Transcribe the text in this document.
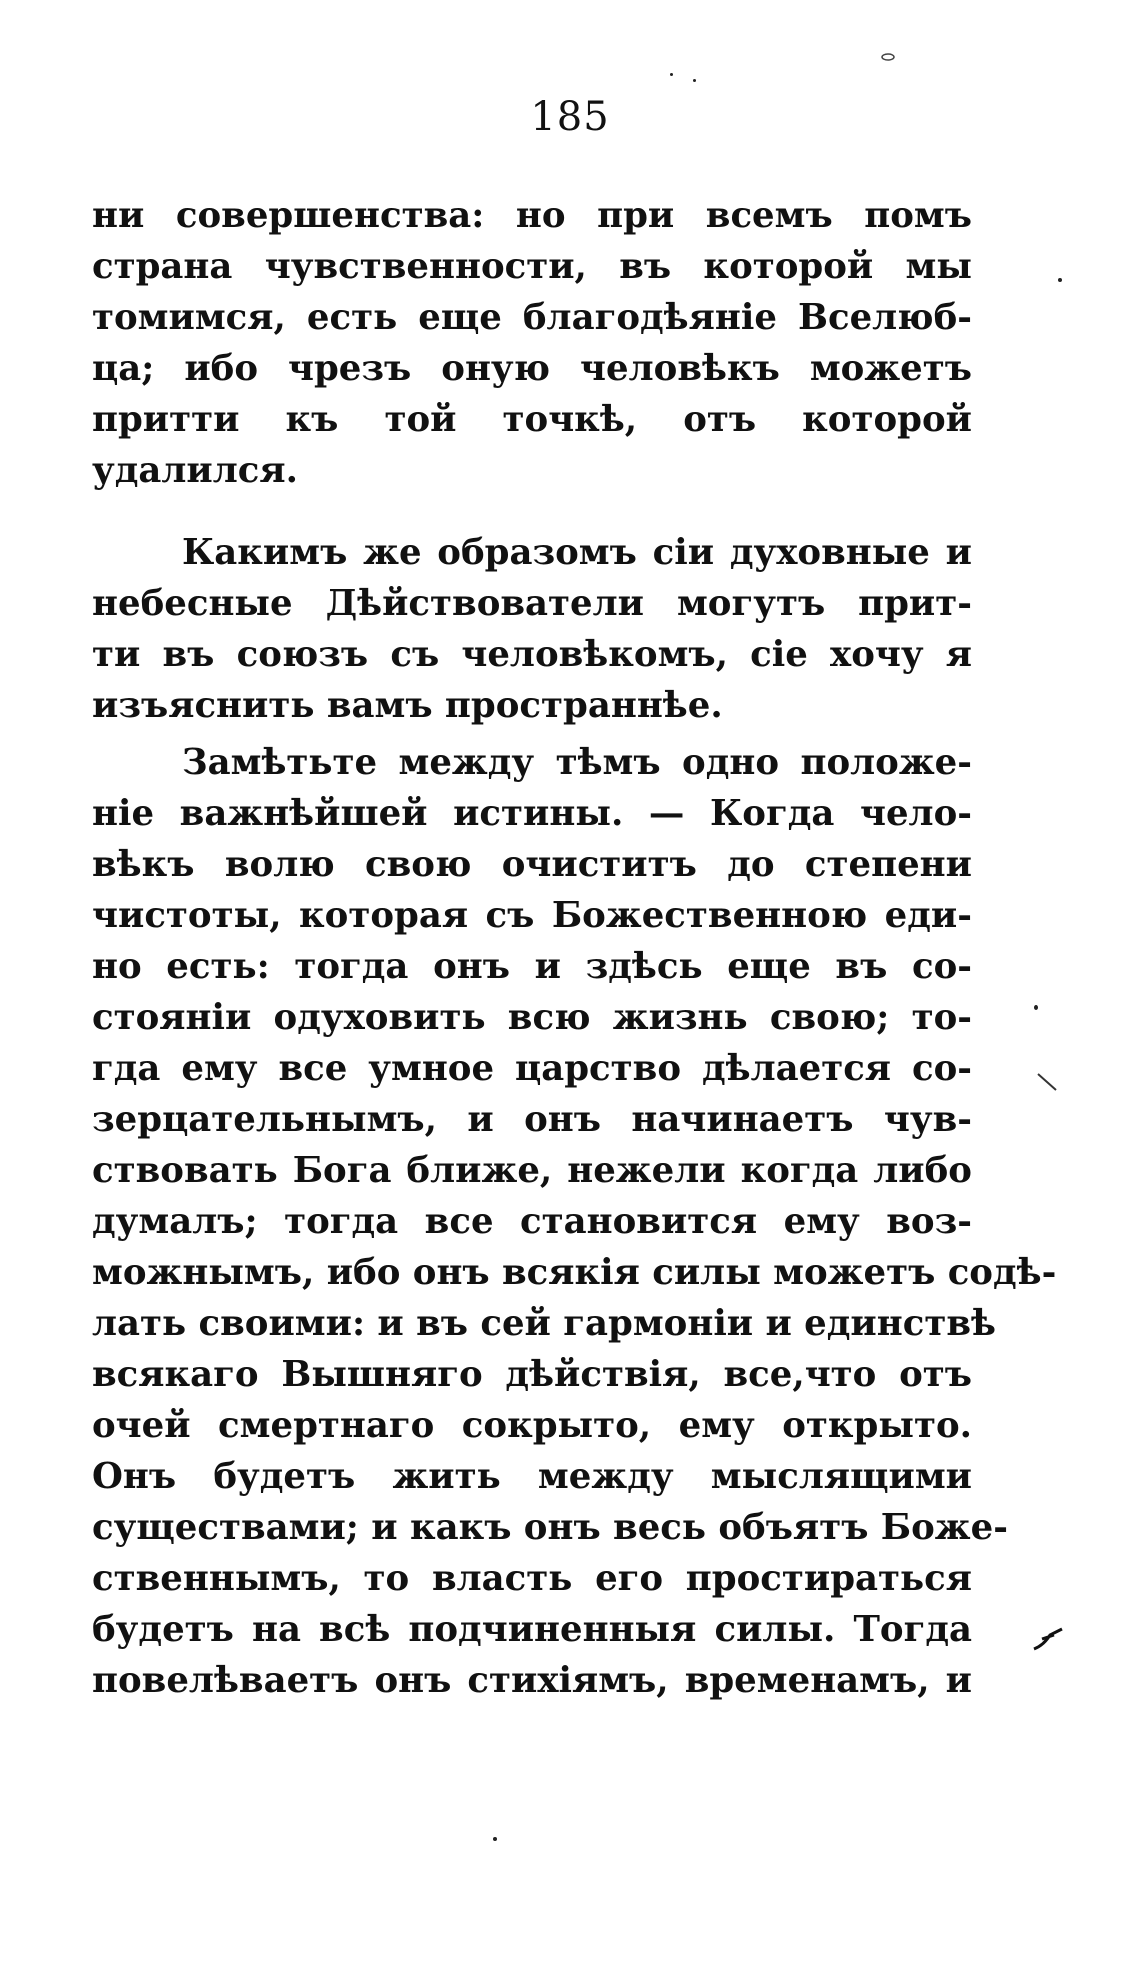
185
ни совершенства: но при всемъ помъ
страна чувственности, въ которой мы
томимся, есть еще благодѣяніе Вселюб-
ца; ибо чрезъ оную человѣкъ можетъ
притти къ той точкѣ, отъ которой
удалился.
Какимъ же образомъ сіи духовные и
небесные Дѣйствователи могутъ прит-
ти въ союзъ съ человѣкомъ, сіе хочу я
изъяснить вамъ пространнѣе.
Замѣтьте между тѣмъ одно положе-
ніе важнѣйшей истины. — Когда чело-
вѣкъ волю свою очиститъ до степени
чистоты, которая съ Божественною еди-
но есть: тогда онъ и здѣсь еще въ со-
стояніи одуховить всю жизнь свою; то-
гда ему все умное царство дѣлается со-
зерцательнымъ, и онъ начинаетъ чув-
ствовать Бога ближе, нежели когда либо
думалъ; тогда все становится ему воз-
можнымъ, ибо онъ всякія силы можетъ содѣ-
лать своими: и въ сей гармоніи и единствѣ
всякаго Вышняго дѣйствія, все,что отъ
очей смертнаго сокрыто, ему открыто.
Онъ будетъ жить между мыслящими
существами; и какъ онъ весь объятъ Боже-
ственнымъ, то власть его простираться
будетъ на всѣ подчиненныя силы. Тогда
повелѣваетъ онъ стихіямъ, временамъ, и
